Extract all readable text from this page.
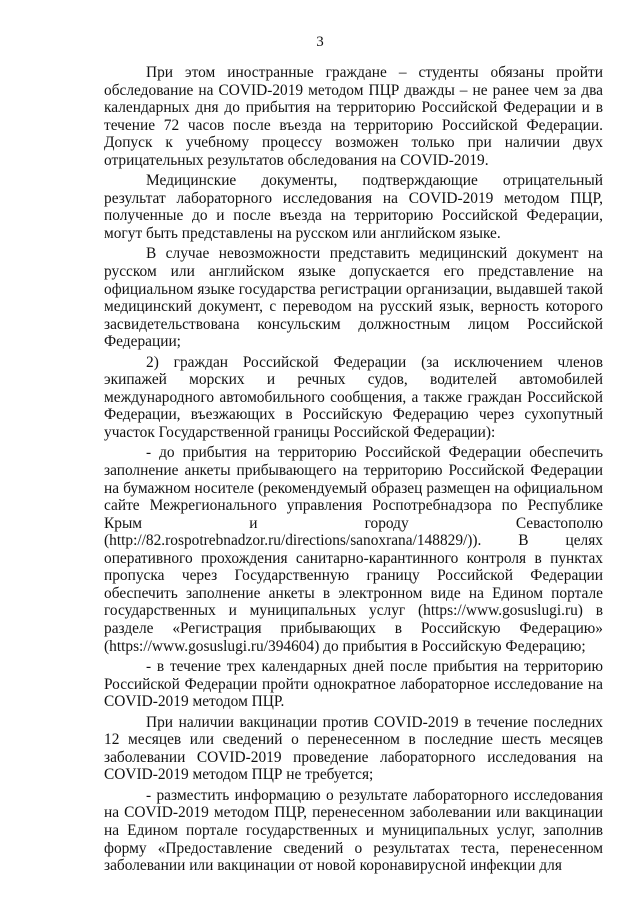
3

При этом иностранные граждане – студенты обязаны пройти обследование на COVID-2019 методом ПЦР дважды – не ранее чем за два календарных дня до прибытия на территорию Российской Федерации и в течение 72 часов после въезда на территорию Российской Федерации. Допуск к учебному процессу возможен только при наличии двух отрицательных результатов обследования на COVID-2019.

Медицинские документы, подтверждающие отрицательный результат лабораторного исследования на COVID-2019 методом ПЦР, полученные до и после въезда на территорию Российской Федерации, могут быть представлены на русском или английском языке.

В случае невозможности представить медицинский документ на русском или английском языке допускается его представление на официальном языке государства регистрации организации, выдавшей такой медицинский документ, с переводом на русский язык, верность которого засвидетельствована консульским должностным лицом Российской Федерации;

2) граждан Российской Федерации (за исключением членов экипажей морских и речных судов, водителей автомобилей международного автомобильного сообщения, а также граждан Российской Федерации, въезжающих в Российскую Федерацию через сухопутный участок Государственной границы Российской Федерации):

- до прибытия на территорию Российской Федерации обеспечить заполнение анкеты прибывающего на территорию Российской Федерации на бумажном носителе (рекомендуемый образец размещен на официальном сайте Межрегионального управления Роспотребнадзора по Республике Крым и городу Севастополю (http://82.rospotrebnadzor.ru/directions/sanoxrana/148829/)). В целях оперативного прохождения санитарно-карантинного контроля в пунктах пропуска через Государственную границу Российской Федерации обеспечить заполнение анкеты в электронном виде на Едином портале государственных и муниципальных услуг (https://www.gosuslugi.ru) в разделе «Регистрация прибывающих в Российскую Федерацию» (https://www.gosuslugi.ru/394604) до прибытия в Российскую Федерацию;

- в течение трех календарных дней после прибытия на территорию Российской Федерации пройти однократное лабораторное исследование на COVID-2019 методом ПЦР.

При наличии вакцинации против COVID-2019 в течение последних 12 месяцев или сведений о перенесенном в последние шесть месяцев заболевании COVID-2019 проведение лабораторного исследования на COVID-2019 методом ПЦР не требуется;

- разместить информацию о результате лабораторного исследования на COVID-2019 методом ПЦР, перенесенном заболевании или вакцинации на Едином портале государственных и муниципальных услуг, заполнив форму «Предоставление сведений о результатах теста, перенесенном заболевании или вакцинации от новой коронавирусной инфекции для
